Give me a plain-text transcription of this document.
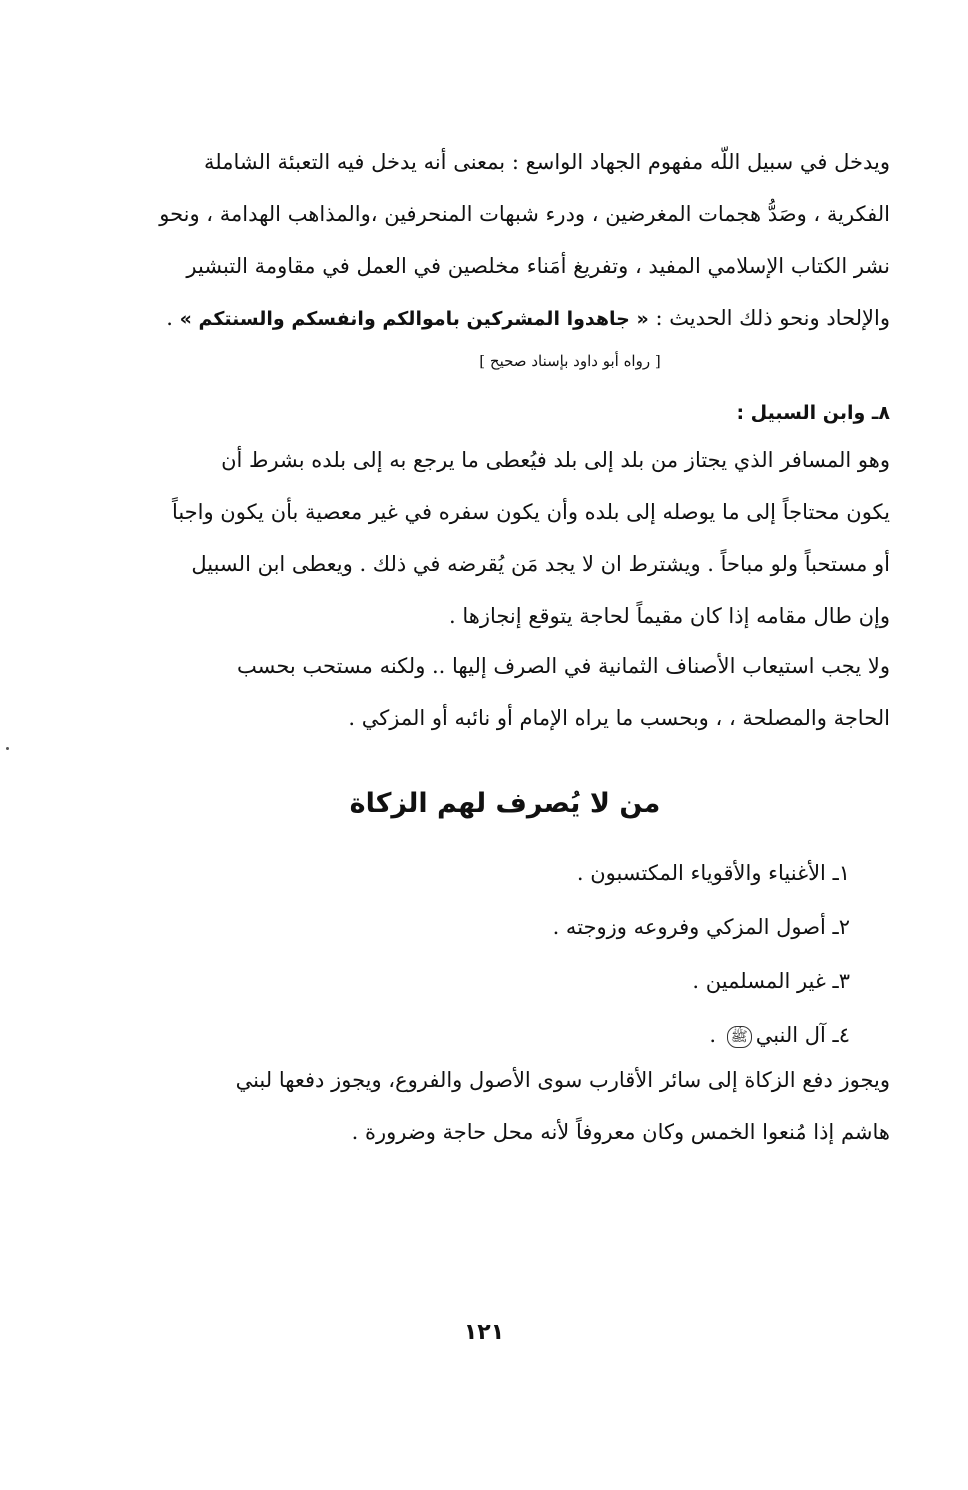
ويدخل في سبيل اللّه مفهوم الجهاد الواسع : بمعنى أنه يدخل فيه التعبئة الشاملة

الفكرية ، وصَدُّ هجمات المغرضين ، ودرء شبهات المنحرفين ،والمذاهب الهدامة ، ونحو

نشر الكتاب الإسلامي المفيد ، وتفريغ أمَناء مخلصين في العمل في مقاومة التبشير

والإلحاد ونحو ذلك الحديث : « جاهدوا المشركين باموالكم وانفسكم والسنتكم » .

[ رواه أبو داود بإسناد صحيح ]
٨ـ وابن السبيل :

وهو المسافر الذي يجتاز من بلد إلى بلد فيُعطى ما يرجع به إلى بلده بشرط أن

يكون محتاجاً إلى ما يوصله إلى بلده وأن يكون سفره في غير معصية بأن يكون واجباً

أو مستحباً ولو مباحاً . ويشترط ان لا يجد مَن يُقرضه في ذلك . ويعطى ابن السبيل

وإن طال مقامه إذا كان مقيماً لحاجة يتوقع إنجازها .

ولا يجب استيعاب الأصناف الثمانية في الصرف إليها .. ولكنه مستحب بحسب

الحاجة والمصلحة ، ، وبحسب ما يراه الإمام أو نائبه أو المزكي .

من لا يُصرف لهم الزكاة
١ـ الأغنياء والأقوياء المكتسبون .
٢ـ أصول المزكي وفروعه وزوجته .
٣ـ غير المسلمين .
٤ـ آل النبيﷺ .

ويجوز دفع الزكاة إلى سائر الأقارب سوى الأصول والفروع، ويجوز دفعها لبني

هاشم إذا مُنعوا الخمس وكان معروفاً لأنه محل حاجة وضرورة .

١٢١
